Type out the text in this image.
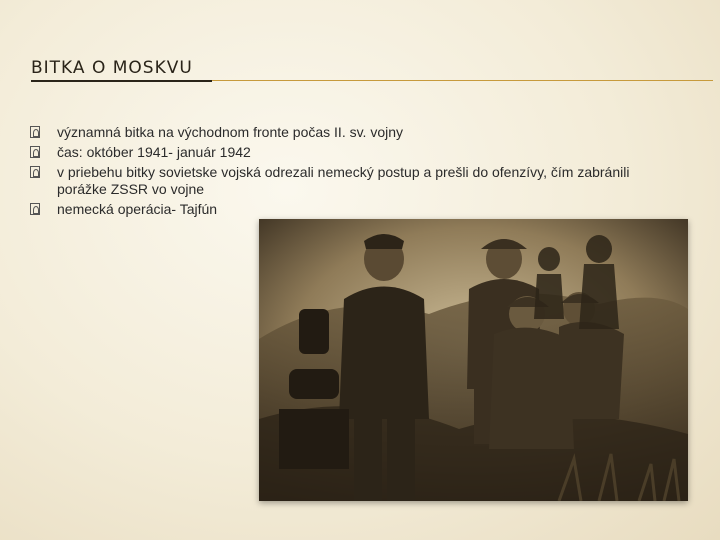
BITKA O MOSKVU
významná bitka na východnom fronte počas II. sv. vojny
čas: október 1941- január 1942
v priebehu bitky sovietske vojská odrezali nemecký postup a prešli do ofenzívy, čím zabránili porážke ZSSR vo vojne
nemecká operácia- Tajfún
